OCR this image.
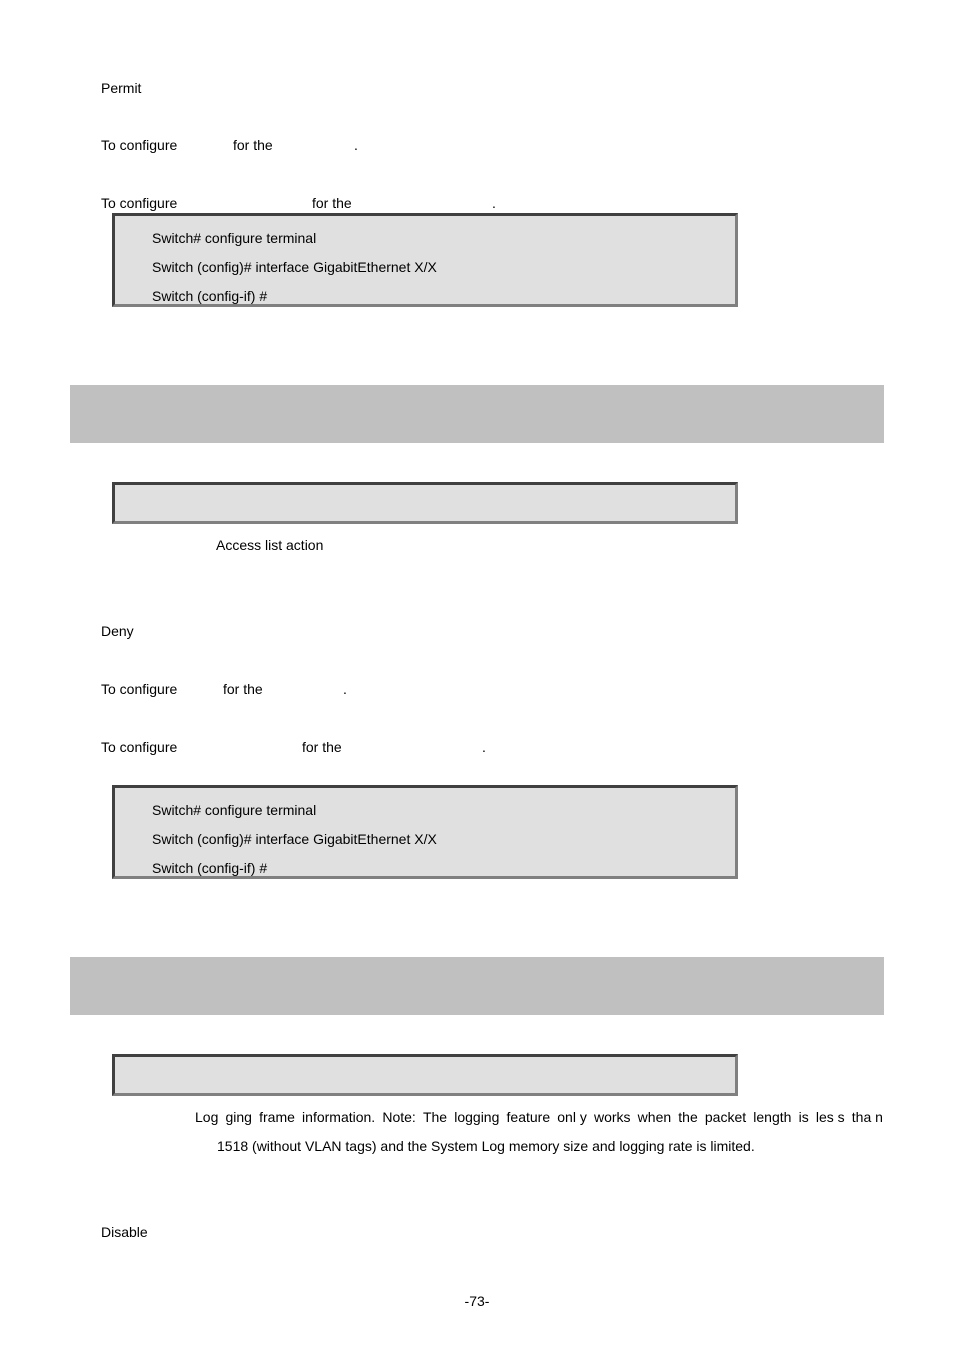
Permit
To configure	for the	.
To configure	for the	.
Switch# configure terminal
Switch (config)# interface GigabitEthernet X/X
Switch (config-if) #
Access list action
Deny
To configure	for the	.
To configure	for the	.
Switch# configure terminal
Switch (config)# interface GigabitEthernet X/X
Switch (config-if) #
Log ging frame information. Note: The logging feature onl y works when the packet length is les s tha n
1518 (without VLAN tags) and the System Log memory size and logging rate is limited.
Disable
-73-
